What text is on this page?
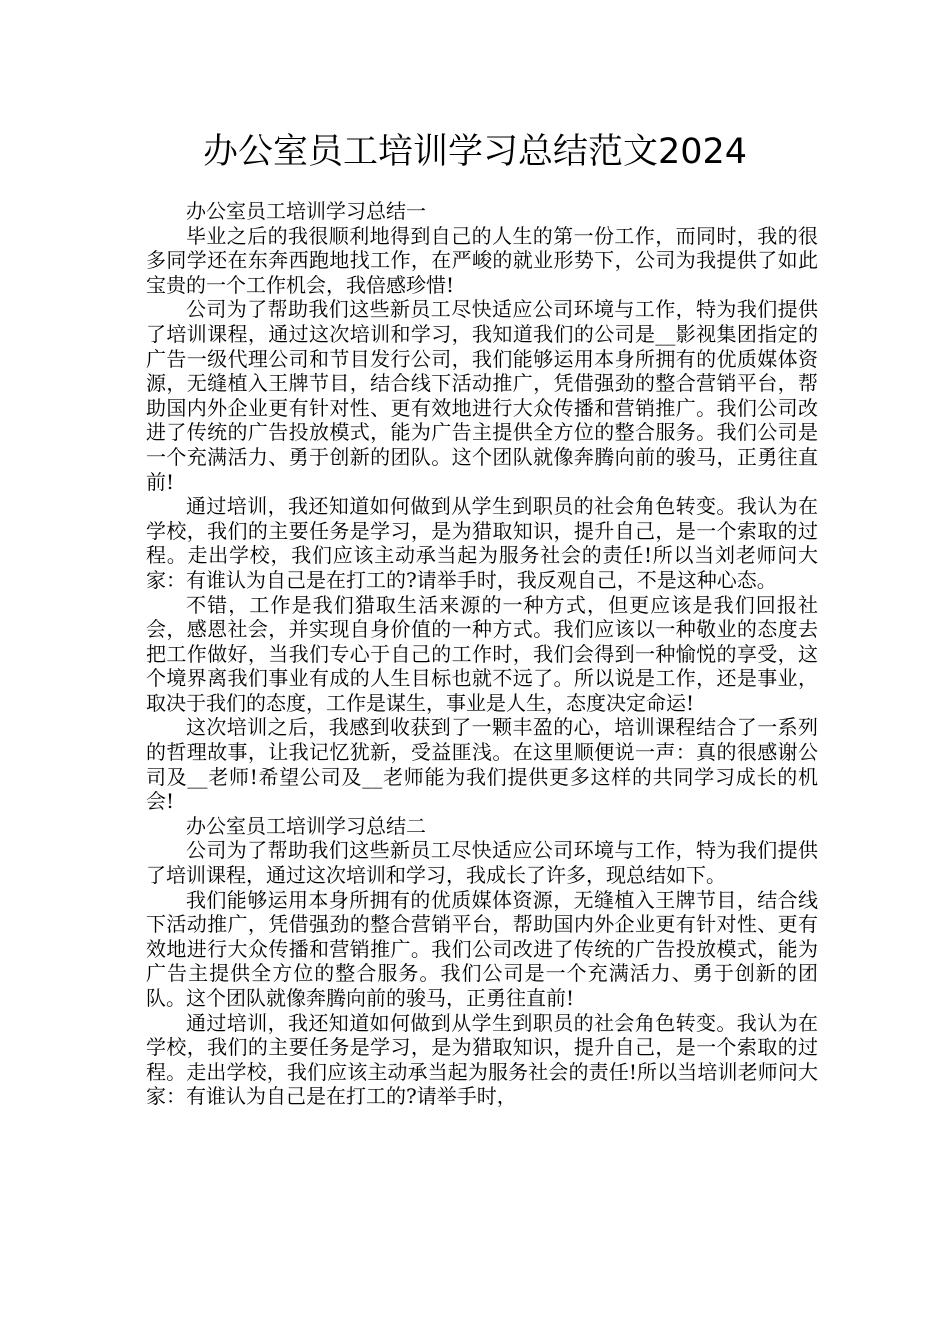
办公室员工培训学习总结范文2024

办公室员工培训学习总结一

毕业之后的我很顺利地得到自己的人生的第一份工作，而同时，我的很多同学还在东奔西跑地找工作，在严峻的就业形势下，公司为我提供了如此宝贵的一个工作机会，我倍感珍惜!

公司为了帮助我们这些新员工尽快适应公司环境与工作，特为我们提供了培训课程，通过这次培训和学习，我知道我们的公司是__影视集团指定的广告一级代理公司和节目发行公司，我们能够运用本身所拥有的优质媒体资源，无缝植入王牌节目，结合线下活动推广，凭借强劲的整合营销平台，帮助国内外企业更有针对性、更有效地进行大众传播和营销推广。我们公司改进了传统的广告投放模式，能为广告主提供全方位的整合服务。我们公司是一个充满活力、勇于创新的团队。这个团队就像奔腾向前的骏马，正勇往直前!

通过培训，我还知道如何做到从学生到职员的社会角色转变。我认为在学校，我们的主要任务是学习，是为猎取知识，提升自己，是一个索取的过程。走出学校，我们应该主动承当起为服务社会的责任!所以当刘老师问大家：有谁认为自己是在打工的?请举手时，我反观自己，不是这种心态。

不错，工作是我们猎取生活来源的一种方式，但更应该是我们回报社会，感恩社会，并实现自身价值的一种方式。我们应该以一种敬业的态度去把工作做好，当我们专心于自己的工作时，我们会得到一种愉悦的享受，这个境界离我们事业有成的人生目标也就不远了。所以说是工作，还是事业，取决于我们的态度，工作是谋生，事业是人生，态度决定命运!

这次培训之后，我感到收获到了一颗丰盈的心，培训课程结合了一系列的哲理故事，让我记忆犹新，受益匪浅。在这里顺便说一声：真的很感谢公司及__老师!希望公司及__老师能为我们提供更多这样的共同学习成长的机会!

办公室员工培训学习总结二

公司为了帮助我们这些新员工尽快适应公司环境与工作，特为我们提供了培训课程，通过这次培训和学习，我成长了许多，现总结如下。

我们能够运用本身所拥有的优质媒体资源，无缝植入王牌节目，结合线下活动推广，凭借强劲的整合营销平台，帮助国内外企业更有针对性、更有效地进行大众传播和营销推广。我们公司改进了传统的广告投放模式，能为广告主提供全方位的整合服务。我们公司是一个充满活力、勇于创新的团队。这个团队就像奔腾向前的骏马，正勇往直前!

通过培训，我还知道如何做到从学生到职员的社会角色转变。我认为在学校，我们的主要任务是学习，是为猎取知识，提升自己，是一个索取的过程。走出学校，我们应该主动承当起为服务社会的责任!所以当培训老师问大家：有谁认为自己是在打工的?请举手时，
